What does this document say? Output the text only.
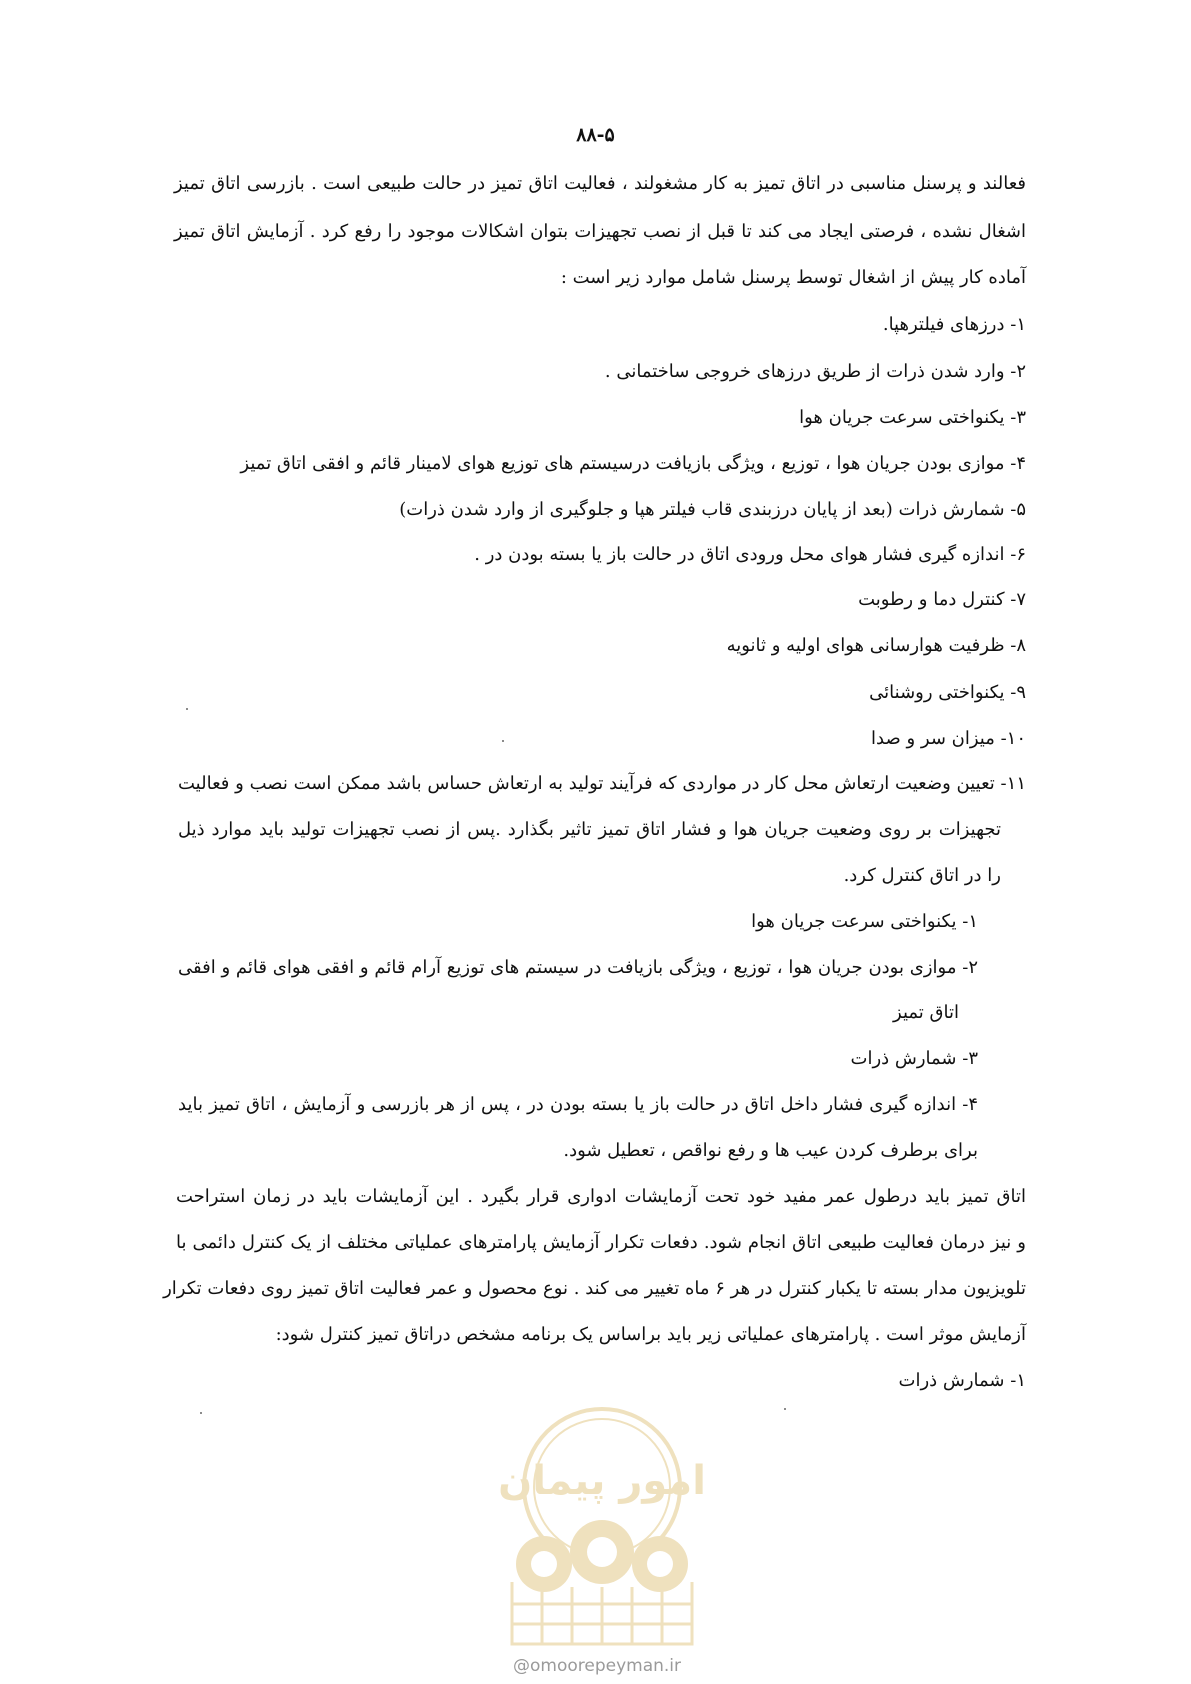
۸۸-۵
فعالند و پرسنل مناسبی در اتاق تمیز به کار مشغولند ، فعالیت اتاق تمیز در حالت طبیعی است . بازرسی اتاق تمیز
اشغال نشده ، فرصتی ایجاد می کند تا قبل از نصب تجهیزات بتوان اشکالات موجود را رفع کرد . آزمایش اتاق تمیز
آماده کار پیش از اشغال توسط پرسنل شامل موارد زیر است :
۱- درزهای فیلترهپا.
۲- وارد شدن ذرات از طریق درزهای خروجی ساختمانی .
۳- یکنواختی سرعت جریان هوا
۴- موازی بودن جریان هوا ، توزیع ، ویژگی بازیافت درسیستم های توزیع هوای لامینار قائم و افقی اتاق تمیز
۵- شمارش ذرات (بعد از پایان درزبندی قاب فیلتر هپا و جلوگیری از وارد شدن ذرات)
۶- اندازه گیری فشار هوای محل ورودی اتاق در حالت باز یا بسته بودن در .
۷- کنترل دما و رطوبت
۸- ظرفیت هوارسانی هوای اولیه و ثانویه
۹- یکنواختی روشنائی
۱۰- میزان سر و صدا
۱۱- تعیین وضعیت ارتعاش محل کار در مواردی که فرآیند تولید به ارتعاش حساس باشد ممکن است نصب و فعالیت
تجهیزات بر روی وضعیت جریان هوا و فشار اتاق تمیز تاثیر بگذارد .پس از نصب تجهیزات تولید باید موارد ذیل
را در اتاق کنترل کرد.
۱- یکنواختی سرعت جریان هوا
۲- موازی بودن جریان هوا ، توزیع ، ویژگی بازیافت در سیستم های توزیع آرام قائم و افقی هوای قائم و افقی
اتاق تمیز
۳- شمارش ذرات
۴- اندازه گیری فشار داخل اتاق در حالت باز یا بسته بودن در ، پس از هر بازرسی و آزمایش ، اتاق تمیز باید
برای برطرف کردن عیب ها و رفع نواقص ، تعطیل شود.
اتاق تمیز باید درطول عمر مفید خود تحت آزمایشات ادواری قرار بگیرد . این آزمایشات باید در زمان استراحت
و نیز درمان فعالیت طبیعی اتاق انجام شود. دفعات تکرار آزمایش پارامترهای عملیاتی مختلف از یک کنترل دائمی با
تلویزیون مدار بسته تا یکبار کنترل در هر ۶ ماه تغییر می کند . نوع محصول و عمر فعالیت اتاق تمیز روی دفعات تکرار
آزمایش موثر است . پارامترهای عملیاتی زیر باید براساس یک برنامه مشخص دراتاق تمیز کنترل شود:
۱- شمارش ذرات
امور پیمان
@omoorepeyman.ir
